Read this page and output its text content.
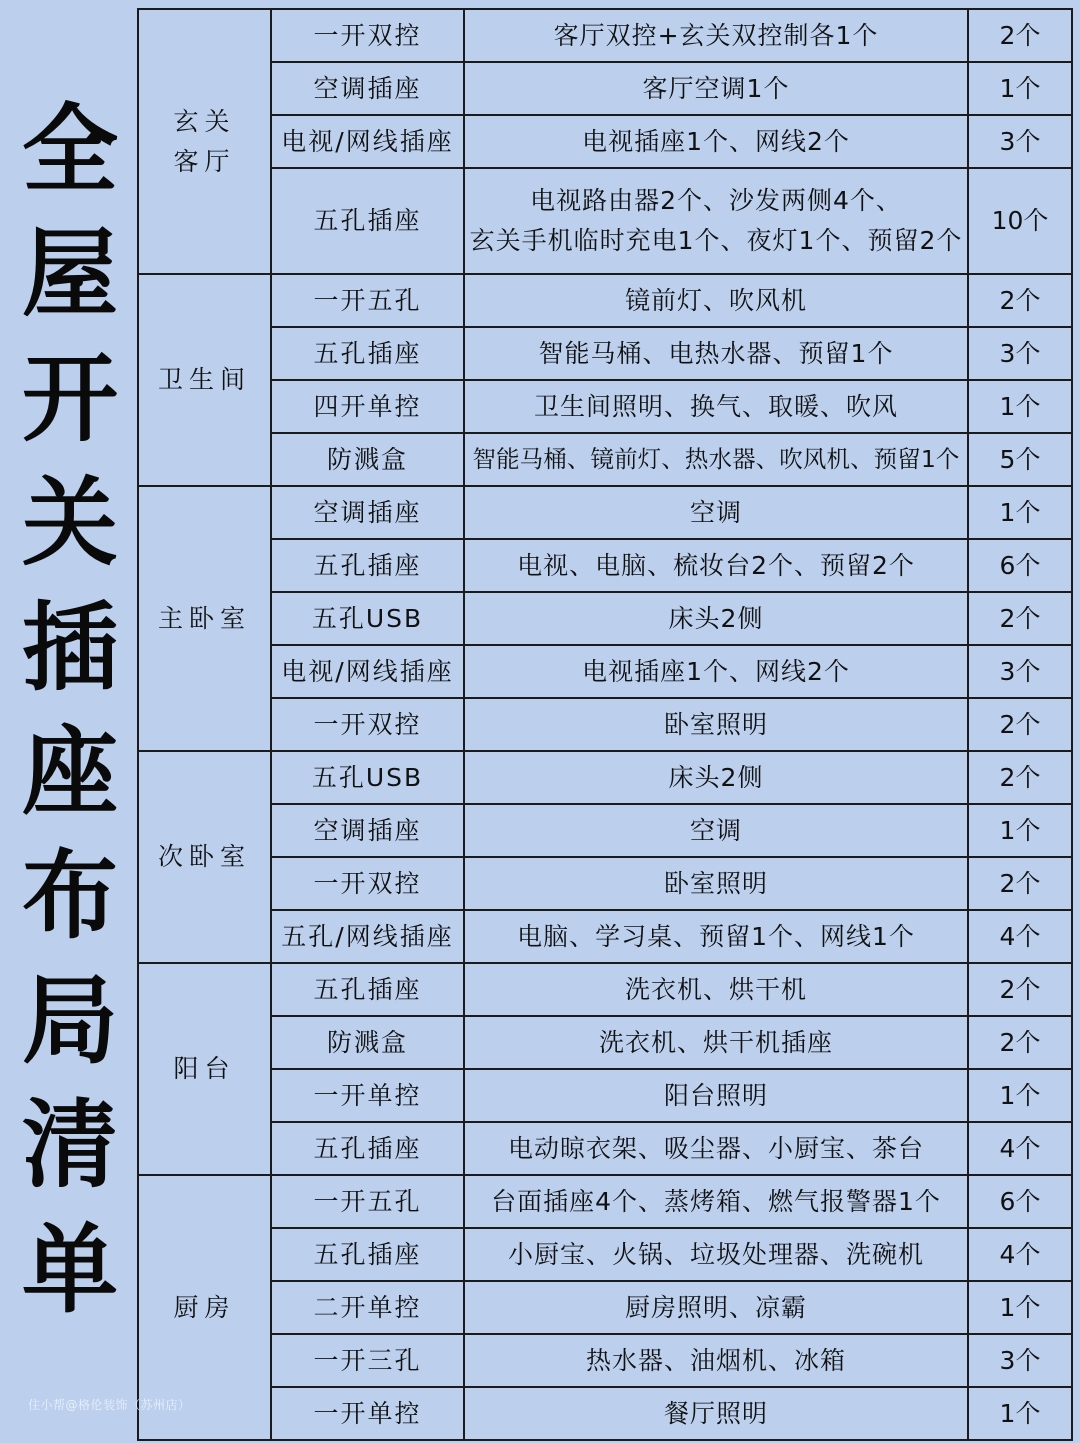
全
屋
开
关
插
座
布
局
清
单
玄关
客厅	一开双控	客厅双控+玄关双控制各1个	2个
	空调插座	客厅空调1个	1个
	电视/网线插座	电视插座1个、网线2个	3个
	五孔插座	电视路由器2个、沙发两侧4个、
玄关手机临时充电1个、夜灯1个、预留2个	10个
卫生间	一开五孔	镜前灯、吹风机	2个
	五孔插座	智能马桶、电热水器、预留1个	3个
	四开单控	卫生间照明、换气、取暖、吹风	1个
	防溅盒	智能马桶、镜前灯、热水器、吹风机、预留1个	5个
主卧室	空调插座	空调	1个
	五孔插座	电视、电脑、梳妆台2个、预留2个	6个
	五孔USB	床头2侧	2个
	电视/网线插座	电视插座1个、网线2个	3个
	一开双控	卧室照明	2个
次卧室	五孔USB	床头2侧	2个
	空调插座	空调	1个
	一开双控	卧室照明	2个
	五孔/网线插座	电脑、学习桌、预留1个、网线1个	4个
阳台	五孔插座	洗衣机、烘干机	2个
	防溅盒	洗衣机、烘干机插座	2个
	一开单控	阳台照明	1个
	五孔插座	电动晾衣架、吸尘器、小厨宝、茶台	4个
厨房	一开五孔	台面插座4个、蒸烤箱、燃气报警器1个	6个
	五孔插座	小厨宝、火锅、垃圾处理器、洗碗机	4个
	二开单控	厨房照明、凉霸	1个
	一开三孔	热水器、油烟机、冰箱	3个
	一开单控	餐厅照明	1个
住小帮@格伦装饰（苏州店）
